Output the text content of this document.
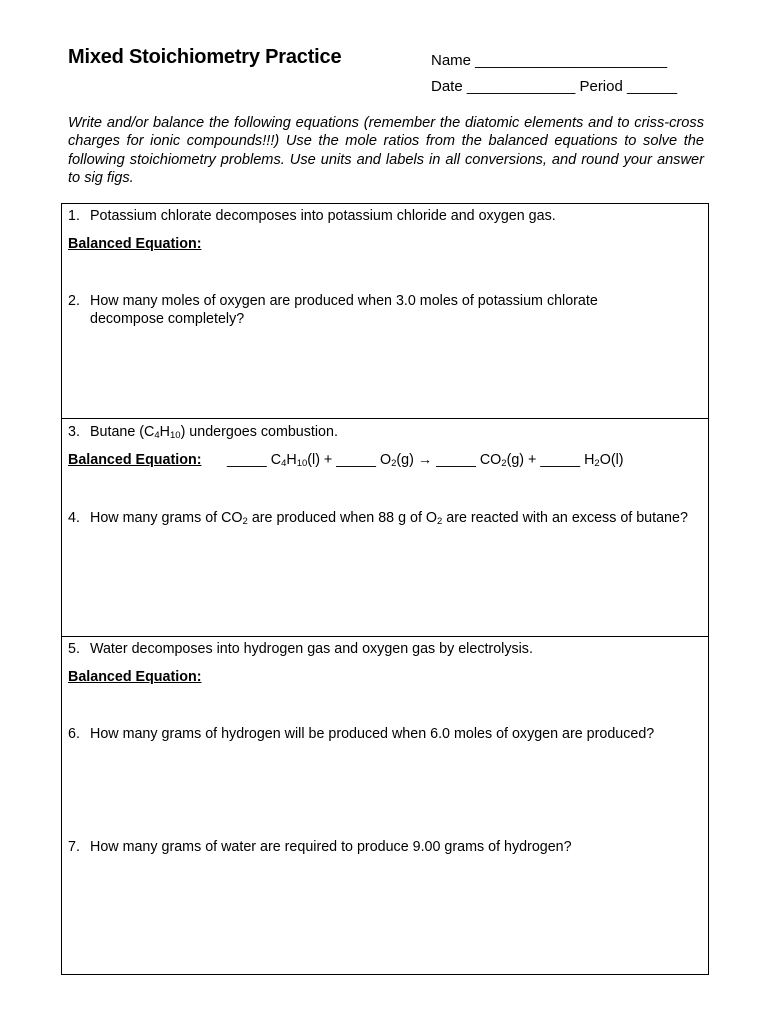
Mixed Stoichiometry Practice	Name _______________________
Date _____________ Period ______
Write and/or balance the following equations (remember the diatomic elements and to criss-cross charges for ionic compounds!!!) Use the mole ratios from the balanced equations to solve the following stoichiometry problems. Use units and labels in all conversions, and round your answer to sig figs.
1. Potassium chlorate decomposes into potassium chloride and oxygen gas.
Balanced Equation:
2. How many moles of oxygen are produced when 3.0 moles of potassium chlorate decompose completely?
3. Butane $(C_4H_{10})$ undergoes combustion.
Balanced Equation: _____ $C_4H_{10}(l)$ + _____ $O_2(g)$ → _____ $CO_2(g)$ + _____ $H_2O(l)$
4. How many grams of $CO_2$ are produced when 88 g of $O_2$ are reacted with an excess of butane?
5. Water decomposes into hydrogen gas and oxygen gas by electrolysis.
Balanced Equation:
6. How many grams of hydrogen will be produced when 6.0 moles of oxygen are produced?
7. How many grams of water are required to produce 9.00 grams of hydrogen?
